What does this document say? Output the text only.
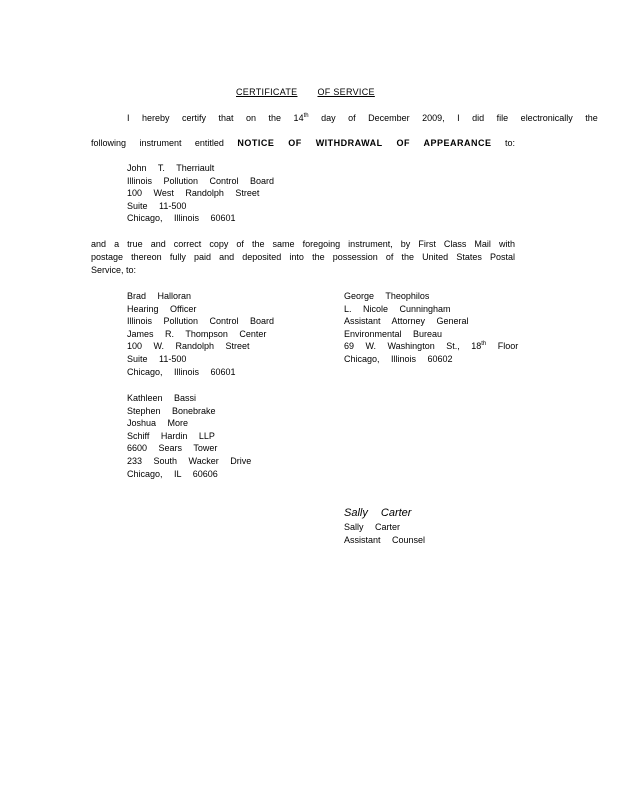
CERTIFICATE OF SERVICE
I hereby certify that on the 14th day of December 2009, I did file electronically the
following instrument entitled NOTICE OF WITHDRAWAL OF APPEARANCE to:
John T. Therriault
Illinois Pollution Control Board
100 West Randolph Street
Suite 11-500
Chicago, Illinois 60601
and a true and correct copy of the same foregoing instrument, by First Class Mail with
postage thereon fully paid and deposited into the possession of the United States Postal
Service, to:
Brad Halloran
Hearing Officer
Illinois Pollution Control Board
James R. Thompson Center
100 W. Randolph Street
Suite 11-500
Chicago, Illinois 60601
George Theophilos
L. Nicole Cunningham
Assistant Attorney General
Environmental Bureau
69 W. Washington St., 18th Floor
Chicago, Illinois 60602
Kathleen Bassi
Stephen Bonebrake
Joshua More
Schiff Hardin LLP
6600 Sears Tower
233 South Wacker Drive
Chicago, IL 60606
Sally Carter
Sally Carter
Assistant Counsel
